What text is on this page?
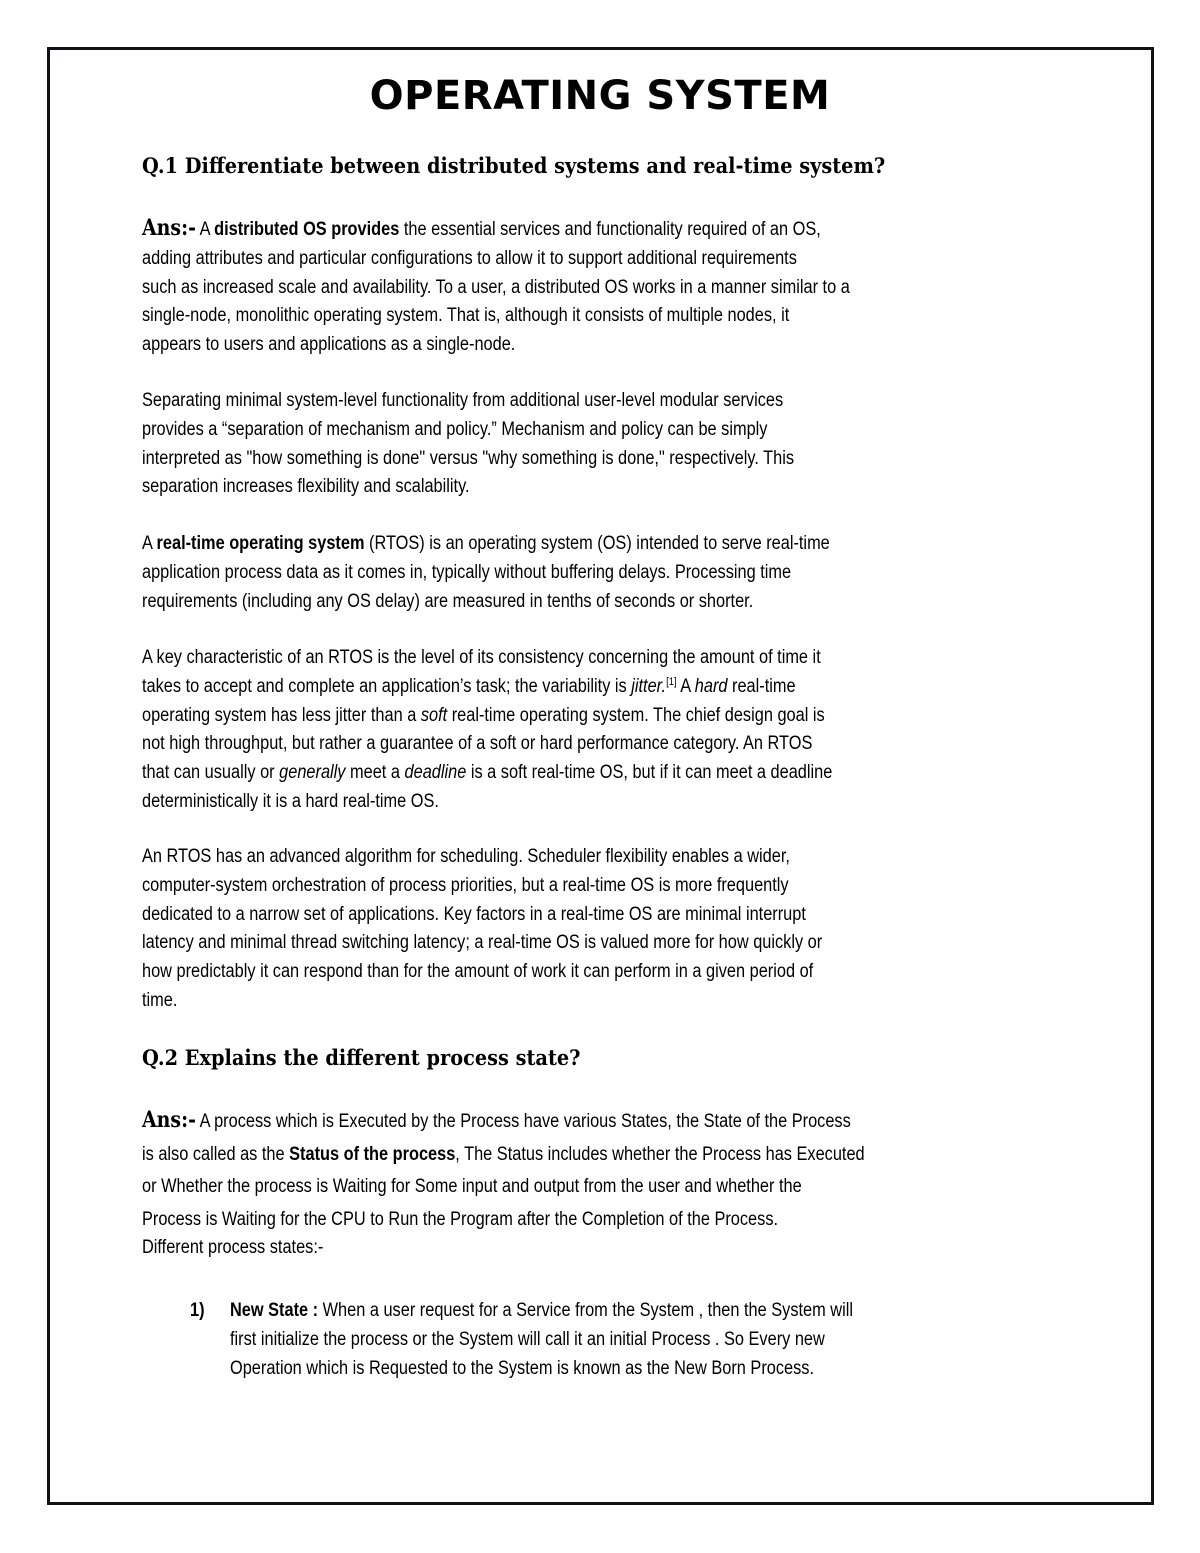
OPERATING SYSTEM
Q.1 Differentiate between distributed systems and real-time system?
Ans:- A distributed OS provides the essential services and functionality required of an OS,
adding attributes and particular configurations to allow it to support additional requirements
such as increased scale and availability. To a user, a distributed OS works in a manner similar to a
single-node, monolithic operating system. That is, although it consists of multiple nodes, it
appears to users and applications as a single-node.
Separating minimal system-level functionality from additional user-level modular services
provides a “separation of mechanism and policy.” Mechanism and policy can be simply
interpreted as "how something is done" versus "why something is done," respectively. This
separation increases flexibility and scalability.
A real-time operating system (RTOS) is an operating system (OS) intended to serve real-time
application process data as it comes in, typically without buffering delays. Processing time
requirements (including any OS delay) are measured in tenths of seconds or shorter.
A key characteristic of an RTOS is the level of its consistency concerning the amount of time it
takes to accept and complete an application’s task; the variability is jitter.[1] A hard real-time
operating system has less jitter than a soft real-time operating system. The chief design goal is
not high throughput, but rather a guarantee of a soft or hard performance category. An RTOS
that can usually or generally meet a deadline is a soft real-time OS, but if it can meet a deadline
deterministically it is a hard real-time OS.
An RTOS has an advanced algorithm for scheduling. Scheduler flexibility enables a wider,
computer-system orchestration of process priorities, but a real-time OS is more frequently
dedicated to a narrow set of applications. Key factors in a real-time OS are minimal interrupt
latency and minimal thread switching latency; a real-time OS is valued more for how quickly or
how predictably it can respond than for the amount of work it can perform in a given period of
time.
Q.2 Explains the different process state?
Ans:- A process which is Executed by the Process have various States, the State of the Process
is also called as the Status of the process, The Status includes whether the Process has Executed
or Whether the process is Waiting for Some input and output from the user and whether the
Process is Waiting for the CPU to Run the Program after the Completion of the Process.
Different process states:-
1) New State : When a user request for a Service from the System , then the System will
first initialize the process or the System will call it an initial Process . So Every new
Operation which is Requested to the System is known as the New Born Process.
